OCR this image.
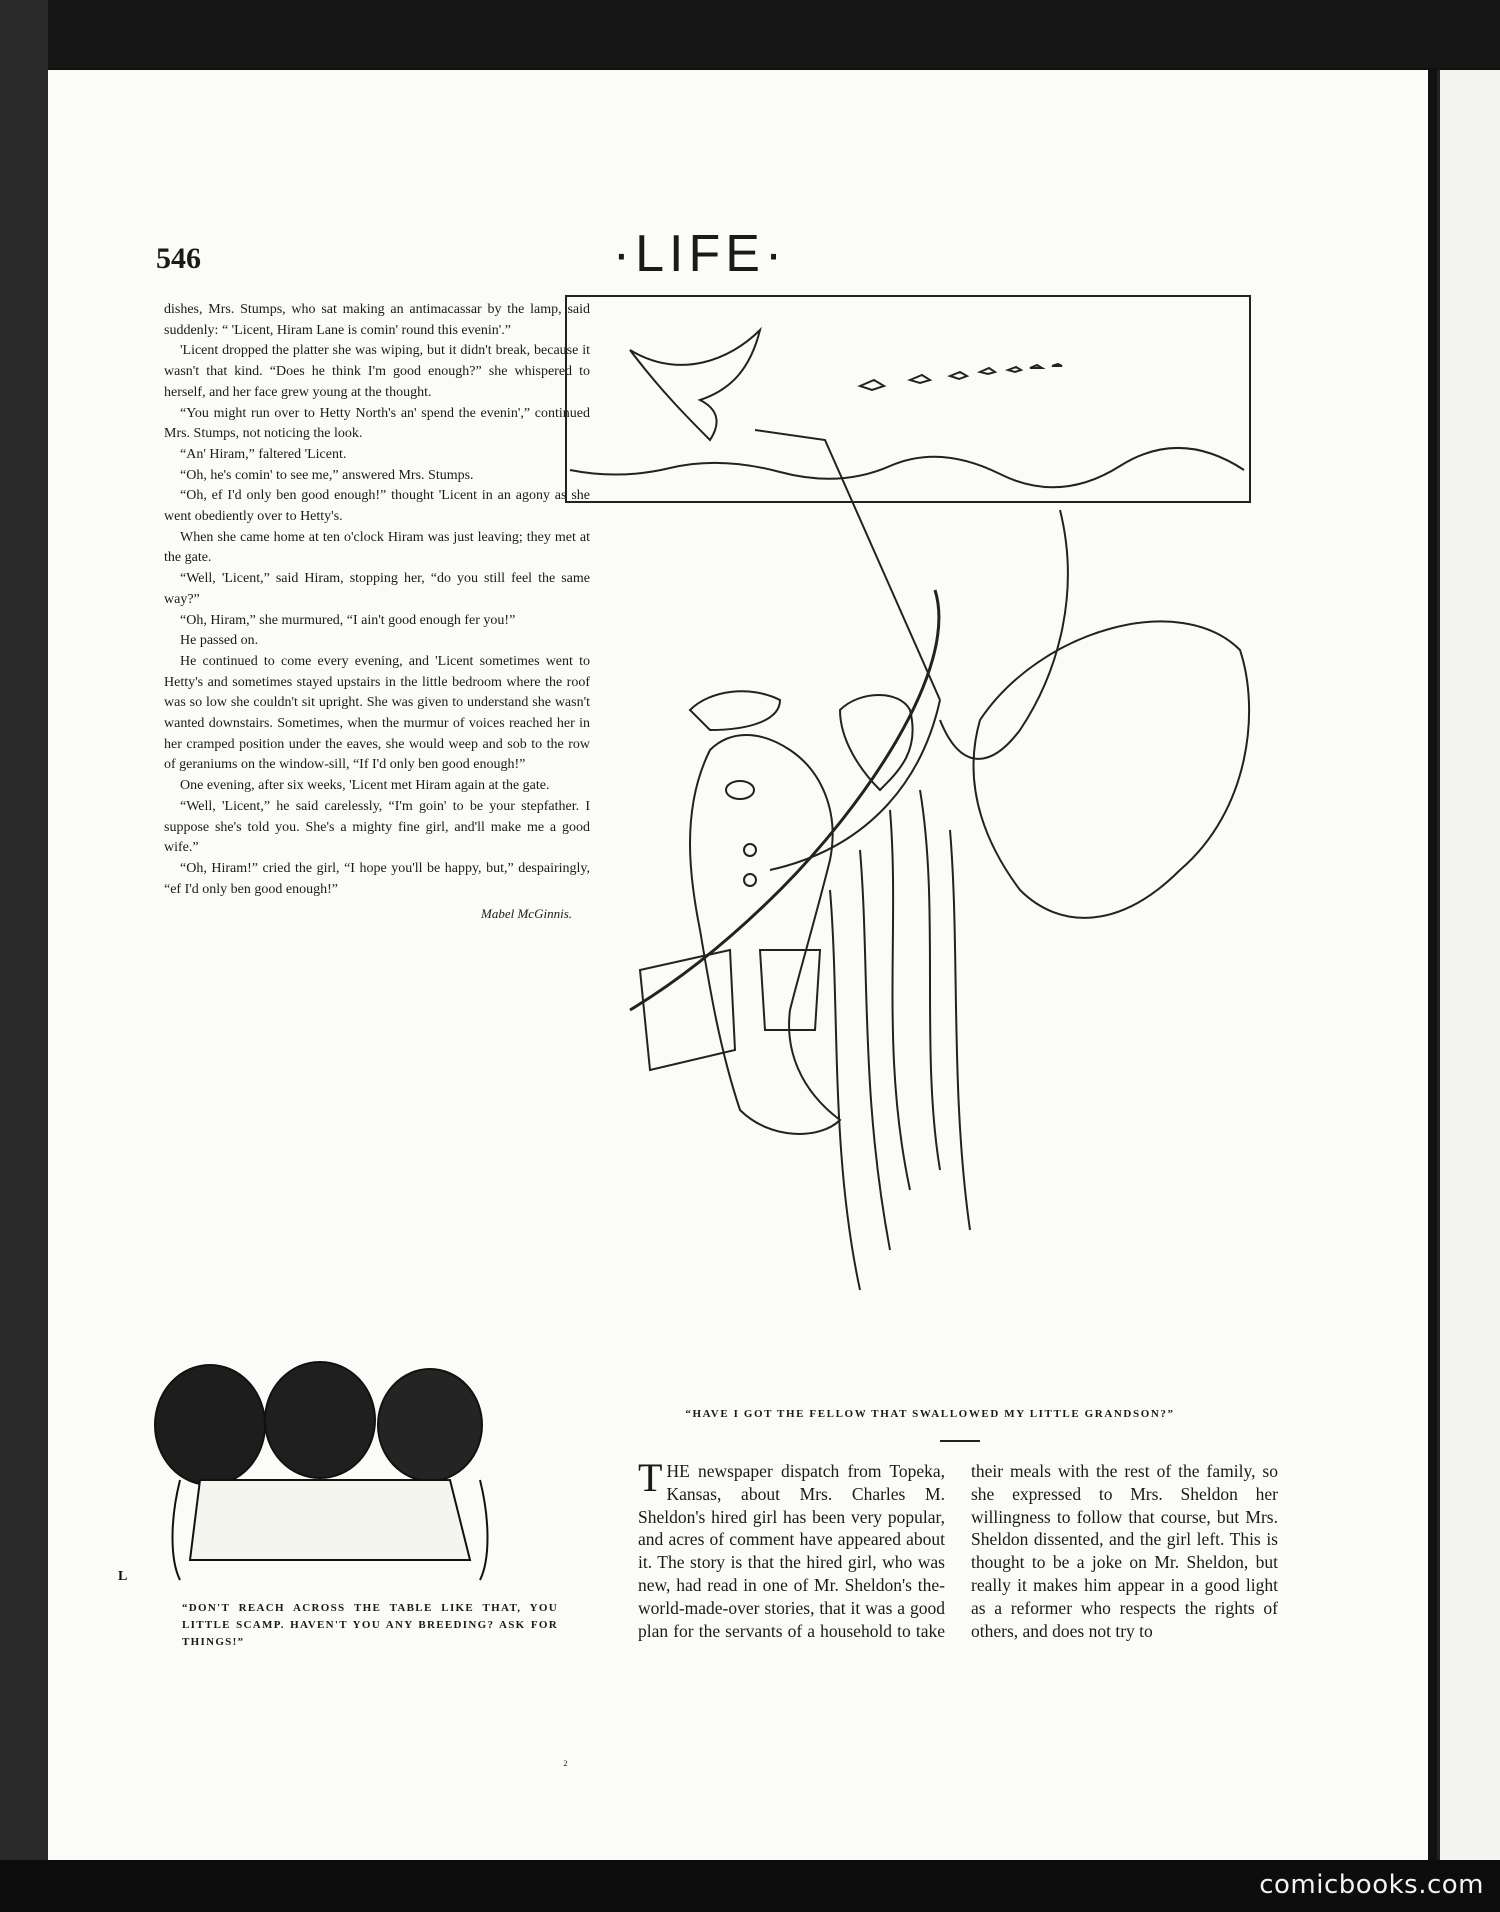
546	·LIFE·

dishes, Mrs. Stumps, who sat making an antimacassar by the lamp, said suddenly: “ 'Licent, Hiram Lane is comin' round this evenin'.”

'Licent dropped the platter she was wiping, but it didn't break, because it wasn't that kind. “Does he think I'm good enough?” she whispered to herself, and her face grew young at the thought.

“You might run over to Hetty North's an' spend the evenin',” continued Mrs. Stumps, not noticing the look.

“An' Hiram,” faltered 'Licent.

“Oh, he's comin' to see me,” answered Mrs. Stumps.

“Oh, ef I'd only ben good enough!” thought 'Licent in an agony as she went obediently over to Hetty's.

When she came home at ten o'clock Hiram was just leaving; they met at the gate.

“Well, 'Licent,” said Hiram, stopping her, “do you still feel the same way?”

“Oh, Hiram,” she murmured, “I ain't good enough fer you!”

He passed on.

He continued to come every evening, and 'Licent sometimes went to Hetty's and sometimes stayed upstairs in the little bedroom where the roof was so low she couldn't sit upright. She was given to understand she wasn't wanted downstairs. Sometimes, when the murmur of voices reached her in her cramped position under the eaves, she would weep and sob to the row of geraniums on the window-sill, “If I'd only ben good enough!”

One evening, after six weeks, 'Licent met Hiram again at the gate.

“Well, 'Licent,” he said carelessly, “I'm goin' to be your stepfather. I suppose she's told you. She's a mighty fine girl, and'll make me a good wife.”

“Oh, Hiram!” cried the girl, “I hope you'll be happy, but,” despairingly, “ef I'd only ben good enough!”

Mabel McGinnis.

“HAVE I GOT THE FELLOW THAT SWALLOWED MY LITTLE GRANDSON?”
L
“DON'T REACH ACROSS THE TABLE LIKE THAT, YOU LITTLE SCAMP. HAVEN'T YOU ANY BREEDING? ASK FOR THINGS!”

THE newspaper dispatch from Topeka, Kansas, about Mrs. Charles M. Sheldon's hired girl has been very popular, and acres of comment have appeared about it. The story is that the hired girl, who was new, had read in one of Mr. Sheldon's the-world-made-over stories, that it was a good plan for the servants of a household to take their meals with the rest of the family, so she expressed to Mrs. Sheldon her willingness to follow that course, but Mrs. Sheldon dissented, and the girl left. This is thought to be a joke on Mr. Sheldon, but really it makes him appear in a good light as a reformer who respects the rights of others, and does not try to

₂
comicbooks.com
